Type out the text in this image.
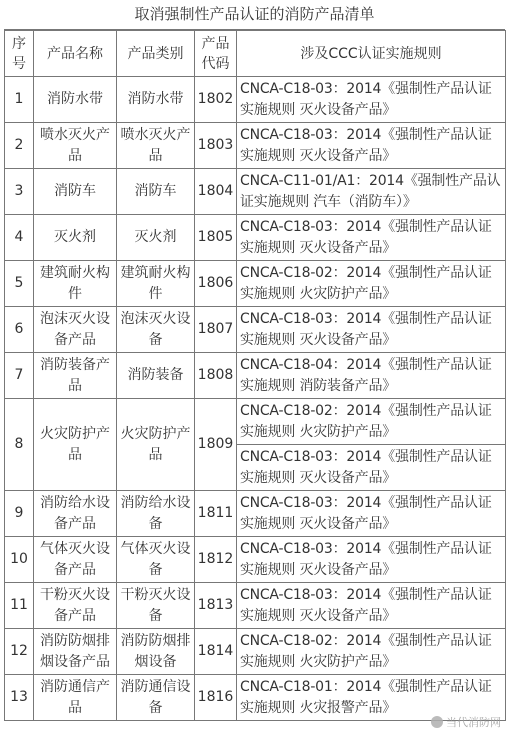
取消强制性产品认证的消防产品清单
序号	产品名称	产品类别	产品代码	涉及CCC认证实施规则
1	消防水带	消防水带	1802	CNCA-C18-03：2014《强制性产品认证实施规则 灭火设备产品》
2	喷水灭火产品	喷水灭火产品	1803	CNCA-C18-03：2014《强制性产品认证实施规则 灭火设备产品》
3	消防车	消防车	1804	CNCA-C11-01/A1：2014《强制性产品认证实施规则 汽车（消防车）》
4	灭火剂	灭火剂	1805	CNCA-C18-03：2014《强制性产品认证实施规则 灭火设备产品》
5	建筑耐火构件	建筑耐火构件	1806	CNCA-C18-02：2014《强制性产品认证实施规则 火灾防护产品》
6	泡沫灭火设备产品	泡沫灭火设备	1807	CNCA-C18-03：2014《强制性产品认证实施规则 灭火设备产品》
7	消防装备产品	消防装备	1808	CNCA-C18-04：2014《强制性产品认证实施规则 消防装备产品》
8	火灾防护产品	火灾防护产品	1809	CNCA-C18-02：2014《强制性产品认证实施规则 火灾防护产品》
				CNCA-C18-03：2014《强制性产品认证实施规则 灭火设备产品》
9	消防给水设备产品	消防给水设备	1811	CNCA-C18-03：2014《强制性产品认证实施规则 灭火设备产品》
10	气体灭火设备产品	气体灭火设备	1812	CNCA-C18-03：2014《强制性产品认证实施规则 灭火设备产品》
11	干粉灭火设备产品	干粉灭火设备	1813	CNCA-C18-03：2014《强制性产品认证实施规则 灭火设备产品》
12	消防防烟排烟设备产品	消防防烟排烟设备	1814	CNCA-C18-02：2014《强制性产品认证实施规则 火灾防护产品》
13	消防通信产品	消防通信设备	1816	CNCA-C18-01：2014《强制性产品认证实施规则 火灾报警产品》
当代消防网
